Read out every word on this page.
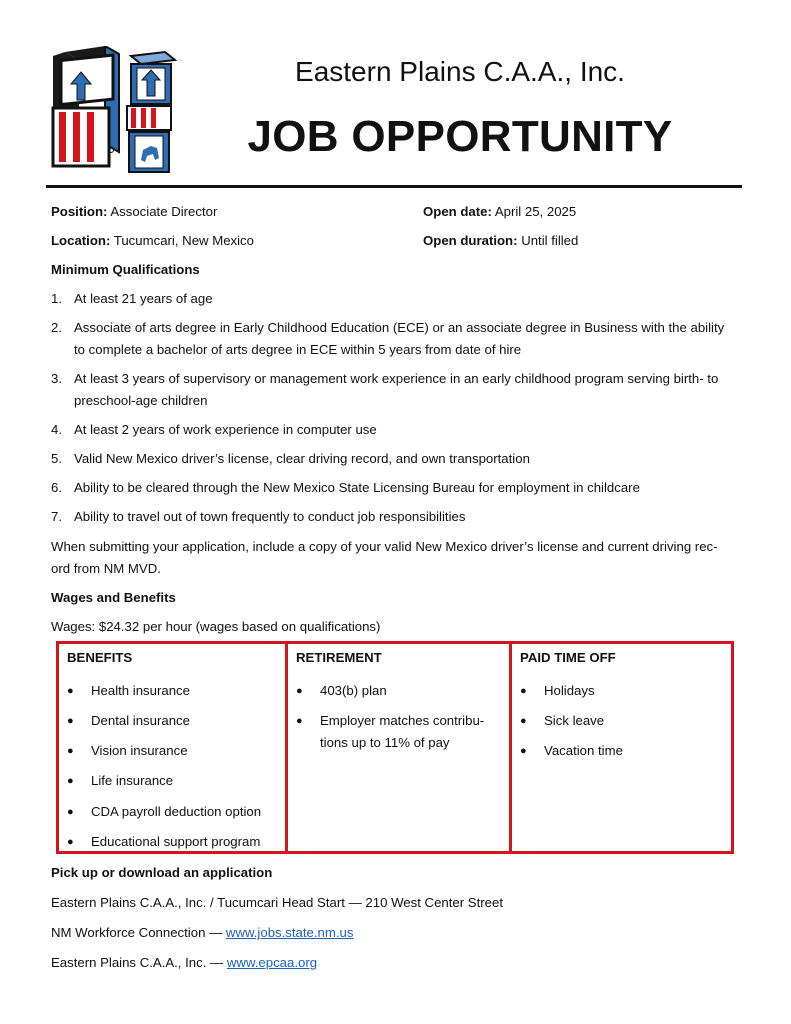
Eastern Plains C.A.A., Inc.
JOB OPPORTUNITY
Position: Associate Director	Open date: April 25, 2025
Location: Tucumcari, New Mexico	Open duration: Until filled
Minimum Qualifications
1. At least 21 years of age
2. Associate of arts degree in Early Childhood Education (ECE) or an associate degree in Business with the ability
to complete a bachelor of arts degree in ECE within 5 years from date of hire
3. At least 3 years of supervisory or management work experience in an early childhood program serving birth- to
preschool-age children
4. At least 2 years of work experience in computer use
5. Valid New Mexico driver’s license, clear driving record, and own transportation
6. Ability to be cleared through the New Mexico State Licensing Bureau for employment in childcare
7. Ability to travel out of town frequently to conduct job responsibilities
When submitting your application, include a copy of your valid New Mexico driver’s license and current driving rec-
ord from NM MVD.
Wages and Benefits
Wages: $24.32 per hour (wages based on qualifications)
BENEFITS
● Health insurance
● Dental insurance
● Vision insurance
● Life insurance
● CDA payroll deduction option
● Educational support program
RETIREMENT
● 403(b) plan
● Employer matches contribu-
tions up to 11% of pay
PAID TIME OFF
● Holidays
● Sick leave
● Vacation time
Pick up or download an application
Eastern Plains C.A.A., Inc. / Tucumcari Head Start — 210 West Center Street
NM Workforce Connection — www.jobs.state.nm.us
Eastern Plains C.A.A., Inc. — www.epcaa.org
